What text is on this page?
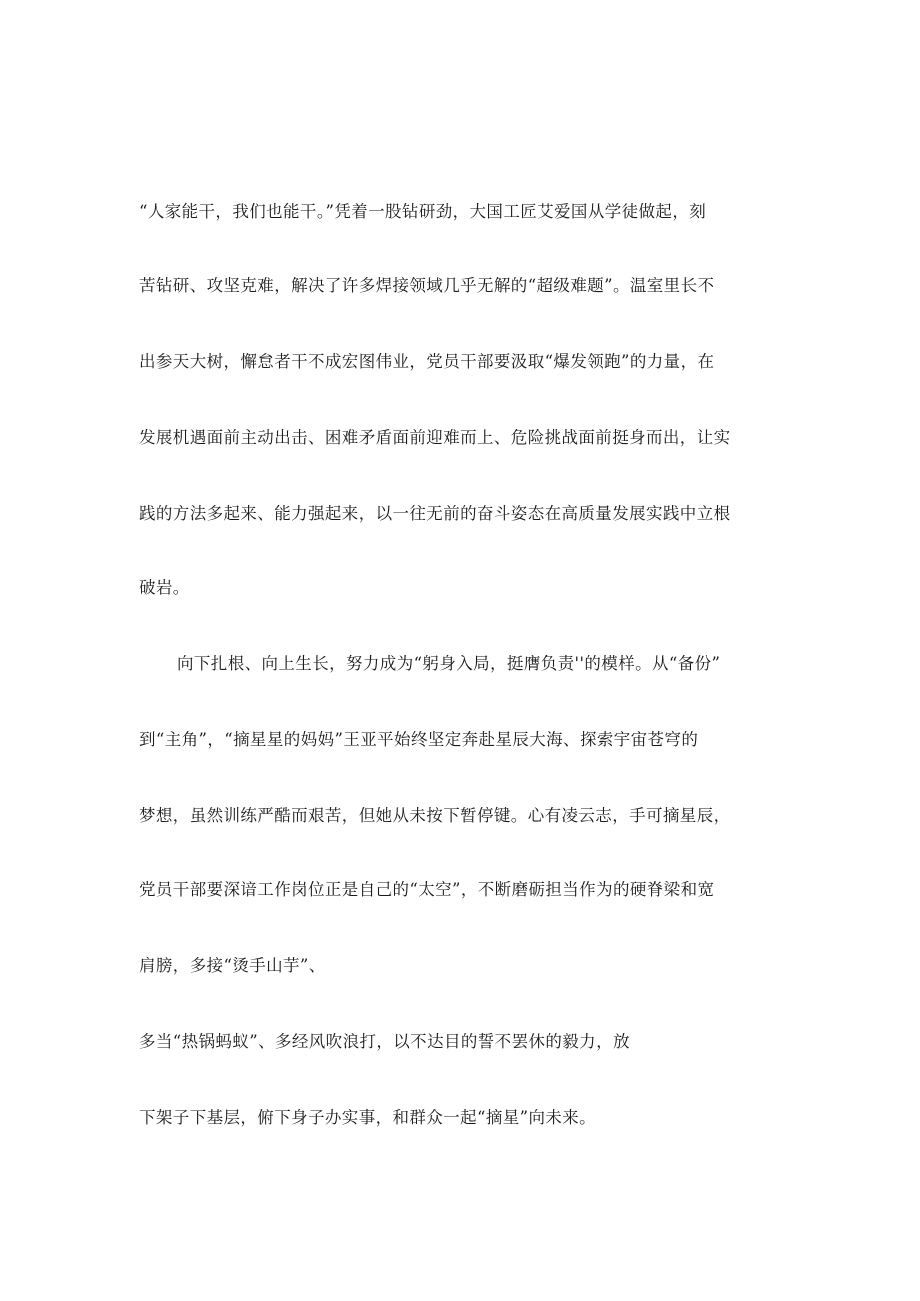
“人家能干，我们也能干。”凭着一股钻研劲，大国工匠艾爱国从学徒做起，刻
苦钻研、攻坚克难，解决了许多焊接领域几乎无解的“超级难题”。温室里长不
出参天大树，懈怠者干不成宏图伟业，党员干部要汲取“爆发领跑”的力量，在
发展机遇面前主动出击、困难矛盾面前迎难而上、危险挑战面前挺身而出，让实
践的方法多起来、能力强起来，以一往无前的奋斗姿态在高质量发展实践中立根
破岩。
向下扎根、向上生长，努力成为“躬身入局，挺膺负责''的模样。从“备份”
到“主角”，“摘星星的妈妈”王亚平始终坚定奔赴星辰大海、探索宇宙苍穹的
梦想，虽然训练严酷而艰苦，但她从未按下暂停键。心有凌云志，手可摘星辰，
党员干部要深谙工作岗位正是自己的“太空”，不断磨砺担当作为的硬脊梁和宽
肩膀，多接“烫手山芋”、
多当“热锅蚂蚁”、多经风吹浪打，以不达目的誓不罢休的毅力，放
下架子下基层，俯下身子办实事，和群众一起“摘星”向未来。
